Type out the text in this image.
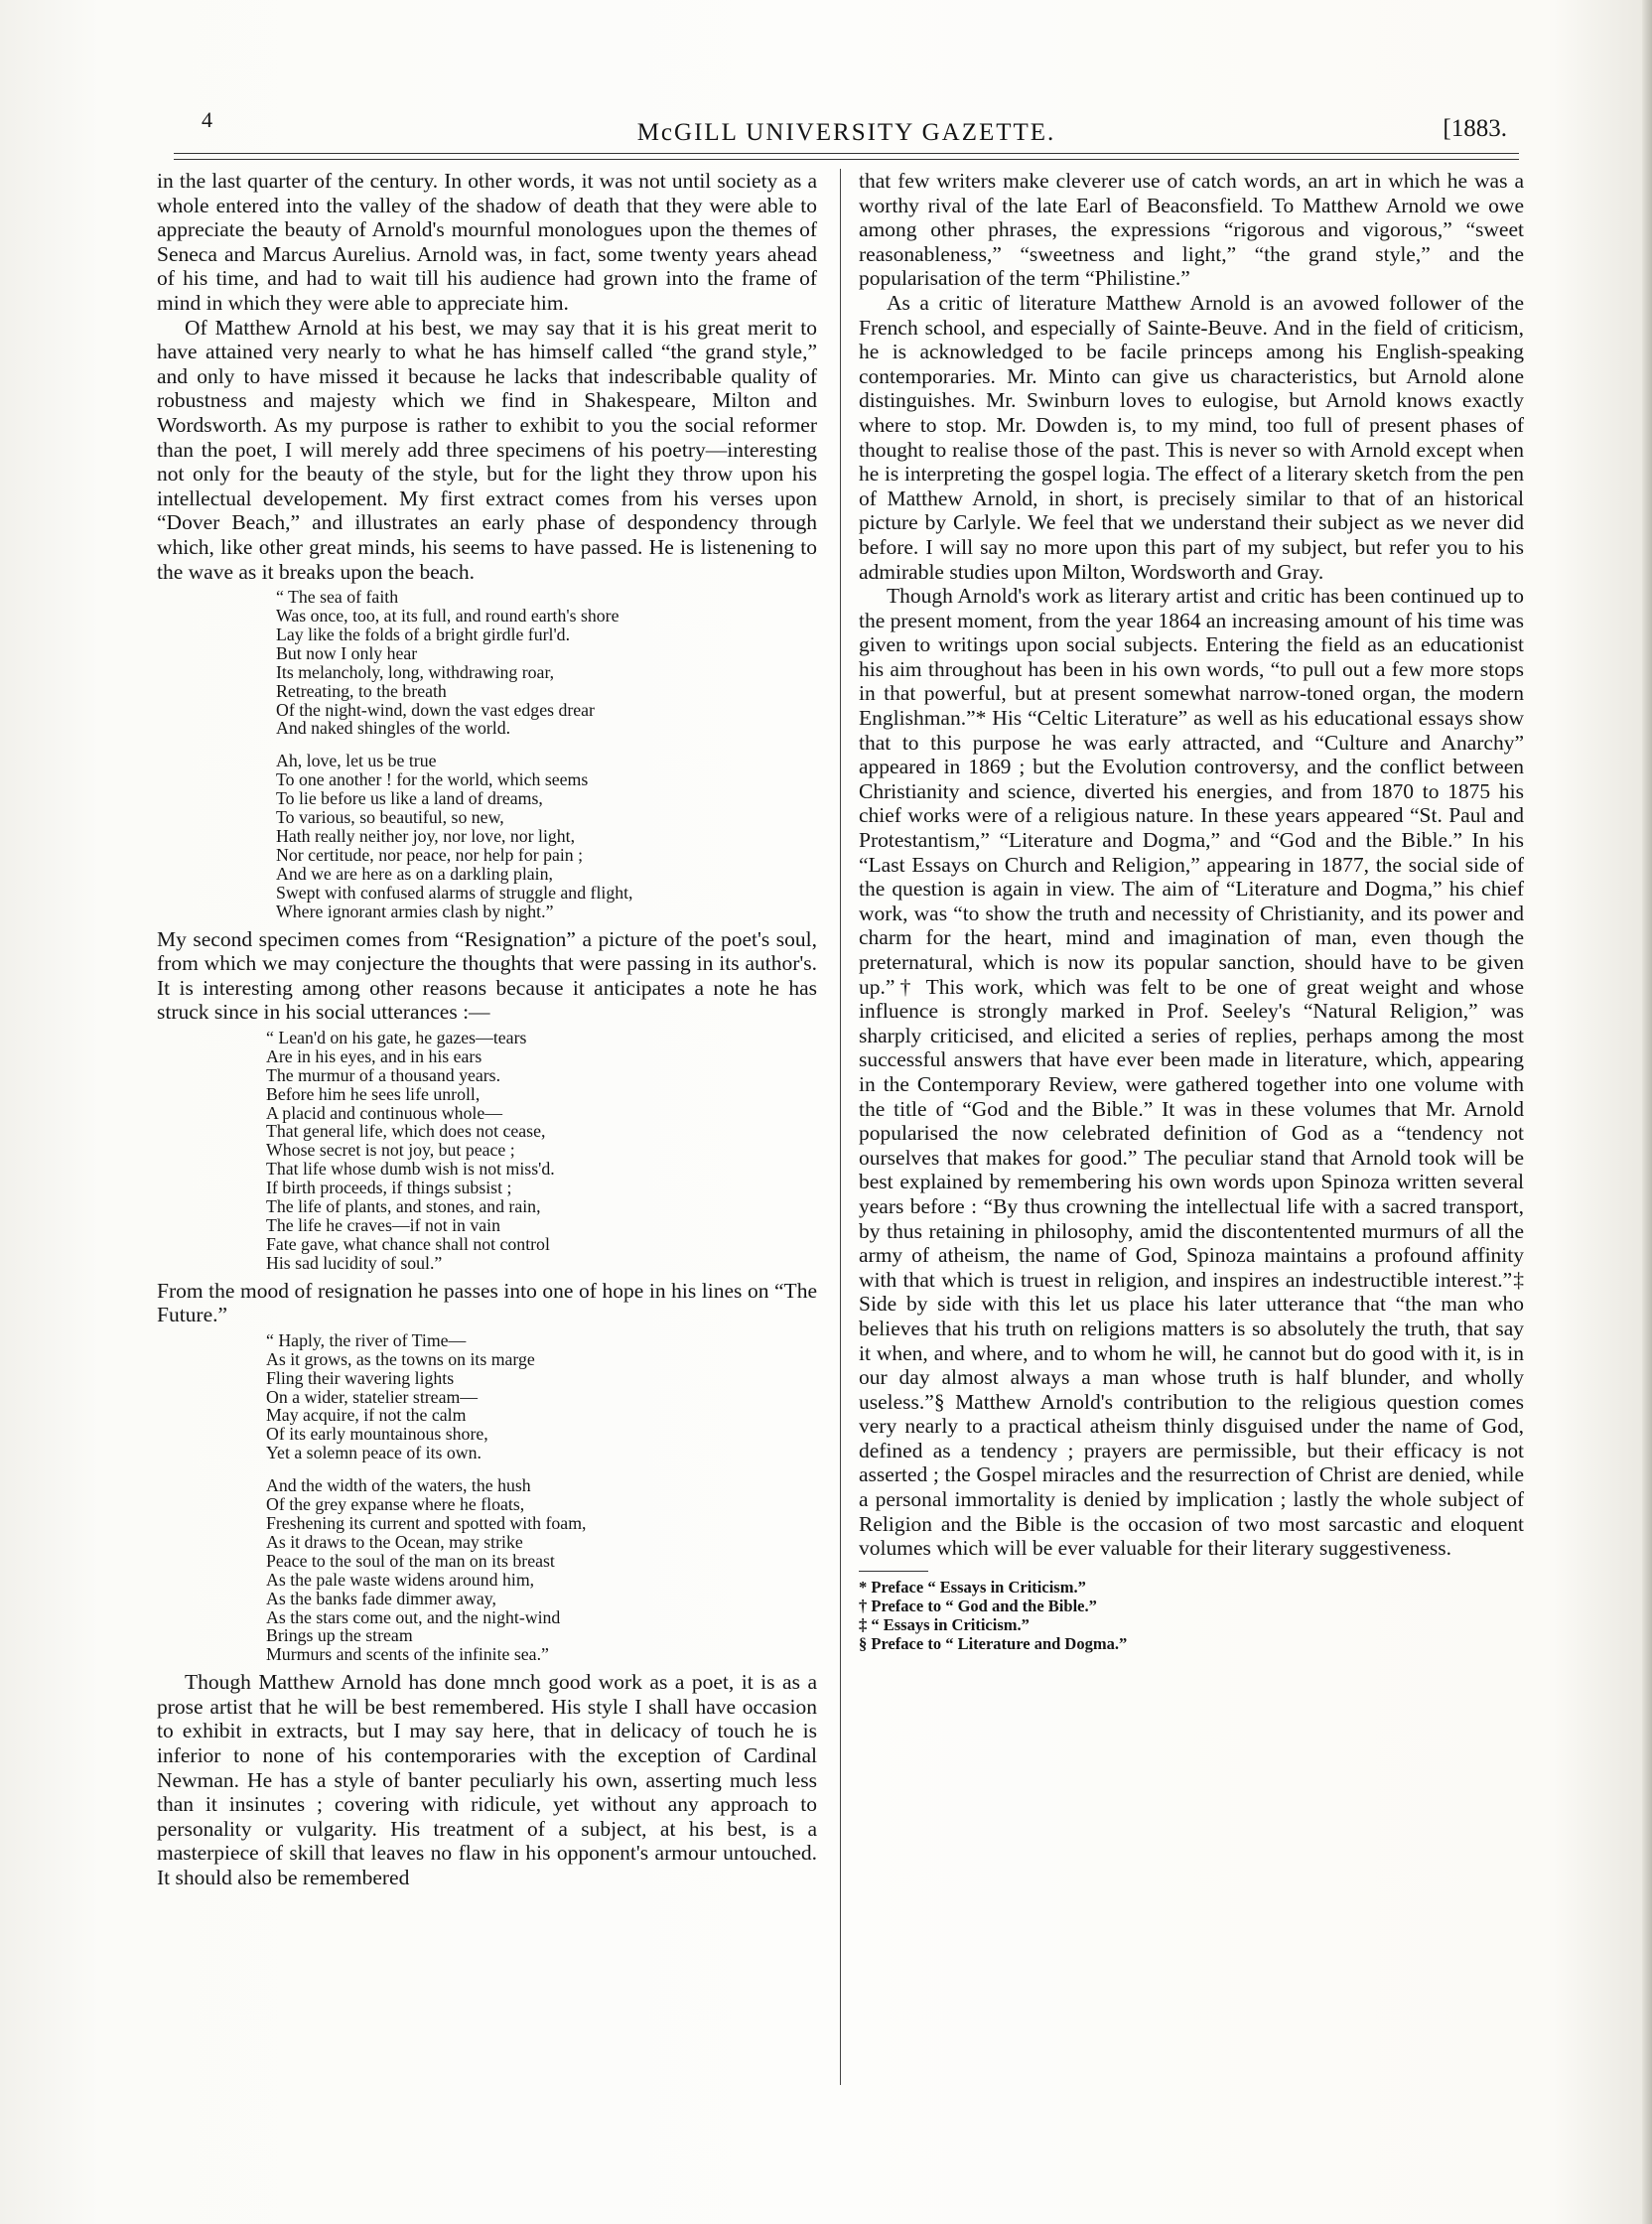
4	McGILL UNIVERSITY GAZETTE.	[1883.

in the last quarter of the century. In other words, it was not until society as a whole entered into the valley of the shadow of death that they were able to appreciate the beauty of Arnold's mournful monologues upon the themes of Seneca and Marcus Aurelius. Arnold was, in fact, some twenty years ahead of his time, and had to wait till his audience had grown into the frame of mind in which they were able to appreciate him.

Of Matthew Arnold at his best, we may say that it is his great merit to have attained very nearly to what he has himself called “the grand style,” and only to have missed it because he lacks that indescribable quality of robustness and majesty which we find in Shakespeare, Milton and Wordsworth. As my purpose is rather to exhibit to you the social reformer than the poet, I will merely add three specimens of his poetry—interesting not only for the beauty of the style, but for the light they throw upon his intellectual developement. My first extract comes from his verses upon “Dover Beach,” and illustrates an early phase of despondency through which, like other great minds, his seems to have passed. He is listenening to the wave as it breaks upon the beach.

“ The sea of faith
Was once, too, at its full, and round earth's shore
Lay like the folds of a bright girdle furl'd.
But now I only hear
Its melancholy, long, withdrawing roar,
Retreating, to the breath
Of the night-wind, down the vast edges drear
And naked shingles of the world.
Ah, love, let us be true
To one another ! for the world, which seems
To lie before us like a land of dreams,
To various, so beautiful, so new,
Hath really neither joy, nor love, nor light,
Nor certitude, nor peace, nor help for pain ;
And we are here as on a darkling plain,
Swept with confused alarms of struggle and flight,
Where ignorant armies clash by night.”

My second specimen comes from “Resignation” a picture of the poet's soul, from which we may conjecture the thoughts that were passing in its author's. It is interesting among other reasons because it anticipates a note he has struck since in his social utterances :—

“ Lean'd on his gate, he gazes—tears
Are in his eyes, and in his ears
The murmur of a thousand years.
Before him he sees life unroll,
A placid and continuous whole—
That general life, which does not cease,
Whose secret is not joy, but peace ;
That life whose dumb wish is not miss'd.
If birth proceeds, if things subsist ;
The life of plants, and stones, and rain,
The life he craves—if not in vain
Fate gave, what chance shall not control
His sad lucidity of soul.”

From the mood of resignation he passes into one of hope in his lines on “The Future.”

“ Haply, the river of Time—
As it grows, as the towns on its marge
Fling their wavering lights
On a wider, statelier stream—
May acquire, if not the calm
Of its early mountainous shore,
Yet a solemn peace of its own.
And the width of the waters, the hush
Of the grey expanse where he floats,
Freshening its current and spotted with foam,
As it draws to the Ocean, may strike
Peace to the soul of the man on its breast
As the pale waste widens around him,
As the banks fade dimmer away,
As the stars come out, and the night-wind
Brings up the stream
Murmurs and scents of the infinite sea.”

Though Matthew Arnold has done mnch good work as a poet, it is as a prose artist that he will be best remembered. His style I shall have occasion to exhibit in extracts, but I may say here, that in delicacy of touch he is inferior to none of his contemporaries with the exception of Cardinal Newman. He has a style of banter peculiarly his own, asserting much less than it insinutes ; covering with ridicule, yet without any approach to personality or vulgarity. His treatment of a subject, at his best, is a masterpiece of skill that leaves no flaw in his opponent's armour untouched. It should also be remembered

that few writers make cleverer use of catch words, an art in which he was a worthy rival of the late Earl of Beaconsfield. To Matthew Arnold we owe among other phrases, the expressions “rigorous and vigorous,” “sweet reasonableness,” “sweetness and light,” “the grand style,” and the popularisation of the term “Philistine.”

As a critic of literature Matthew Arnold is an avowed follower of the French school, and especially of Sainte-Beuve. And in the field of criticism, he is acknowledged to be facile princeps among his English-speaking contemporaries. Mr. Minto can give us characteristics, but Arnold alone distinguishes. Mr. Swinburn loves to eulogise, but Arnold knows exactly where to stop. Mr. Dowden is, to my mind, too full of present phases of thought to realise those of the past. This is never so with Arnold except when he is interpreting the gospel logia. The effect of a literary sketch from the pen of Matthew Arnold, in short, is precisely similar to that of an historical picture by Carlyle. We feel that we understand their subject as we never did before. I will say no more upon this part of my subject, but refer you to his admirable studies upon Milton, Wordsworth and Gray.

Though Arnold's work as literary artist and critic has been continued up to the present moment, from the year 1864 an increasing amount of his time was given to writings upon social subjects. Entering the field as an educationist his aim throughout has been in his own words, “to pull out a few more stops in that powerful, but at present somewhat narrow-toned organ, the modern Englishman.”* His “Celtic Literature” as well as his educational essays show that to this purpose he was early attracted, and “Culture and Anarchy” appeared in 1869 ; but the Evolution controversy, and the conflict between Christianity and science, diverted his energies, and from 1870 to 1875 his chief works were of a religious nature. In these years appeared “St. Paul and Protestantism,” “Literature and Dogma,” and “God and the Bible.” In his “Last Essays on Church and Religion,” appearing in 1877, the social side of the question is again in view. The aim of “Literature and Dogma,” his chief work, was “to show the truth and necessity of Christianity, and its power and charm for the heart, mind and imagination of man, even though the preternatural, which is now its popular sanction, should have to be given up.”† This work, which was felt to be one of great weight and whose influence is strongly marked in Prof. Seeley's “Natural Religion,” was sharply criticised, and elicited a series of replies, perhaps among the most successful answers that have ever been made in literature, which, appearing in the Contemporary Review, were gathered together into one volume with the title of “God and the Bible.” It was in these volumes that Mr. Arnold popularised the now celebrated definition of God as a “tendency not ourselves that makes for good.” The peculiar stand that Arnold took will be best explained by remembering his own words upon Spinoza written several years before : “By thus crowning the intellectual life with a sacred transport, by thus retaining in philosophy, amid the discontentented murmurs of all the army of atheism, the name of God, Spinoza maintains a profound affinity with that which is truest in religion, and inspires an indestructible interest.”‡ Side by side with this let us place his later utterance that “the man who believes that his truth on religions matters is so absolutely the truth, that say it when, and where, and to whom he will, he cannot but do good with it, is in our day almost always a man whose truth is half blunder, and wholly useless.”§ Matthew Arnold's contribution to the religious question comes very nearly to a practical atheism thinly disguised under the name of God, defined as a tendency ; prayers are permissible, but their efficacy is not asserted ; the Gospel miracles and the resurrection of Christ are denied, while a personal immortality is denied by implication ; lastly the whole subject of Religion and the Bible is the occasion of two most sarcastic and eloquent volumes which will be ever valuable for their literary suggestiveness.

* Preface “ Essays in Criticism.”
† Preface to “ God and the Bible.”
‡ “ Essays in Criticism.”
§ Preface to “ Literature and Dogma.”
